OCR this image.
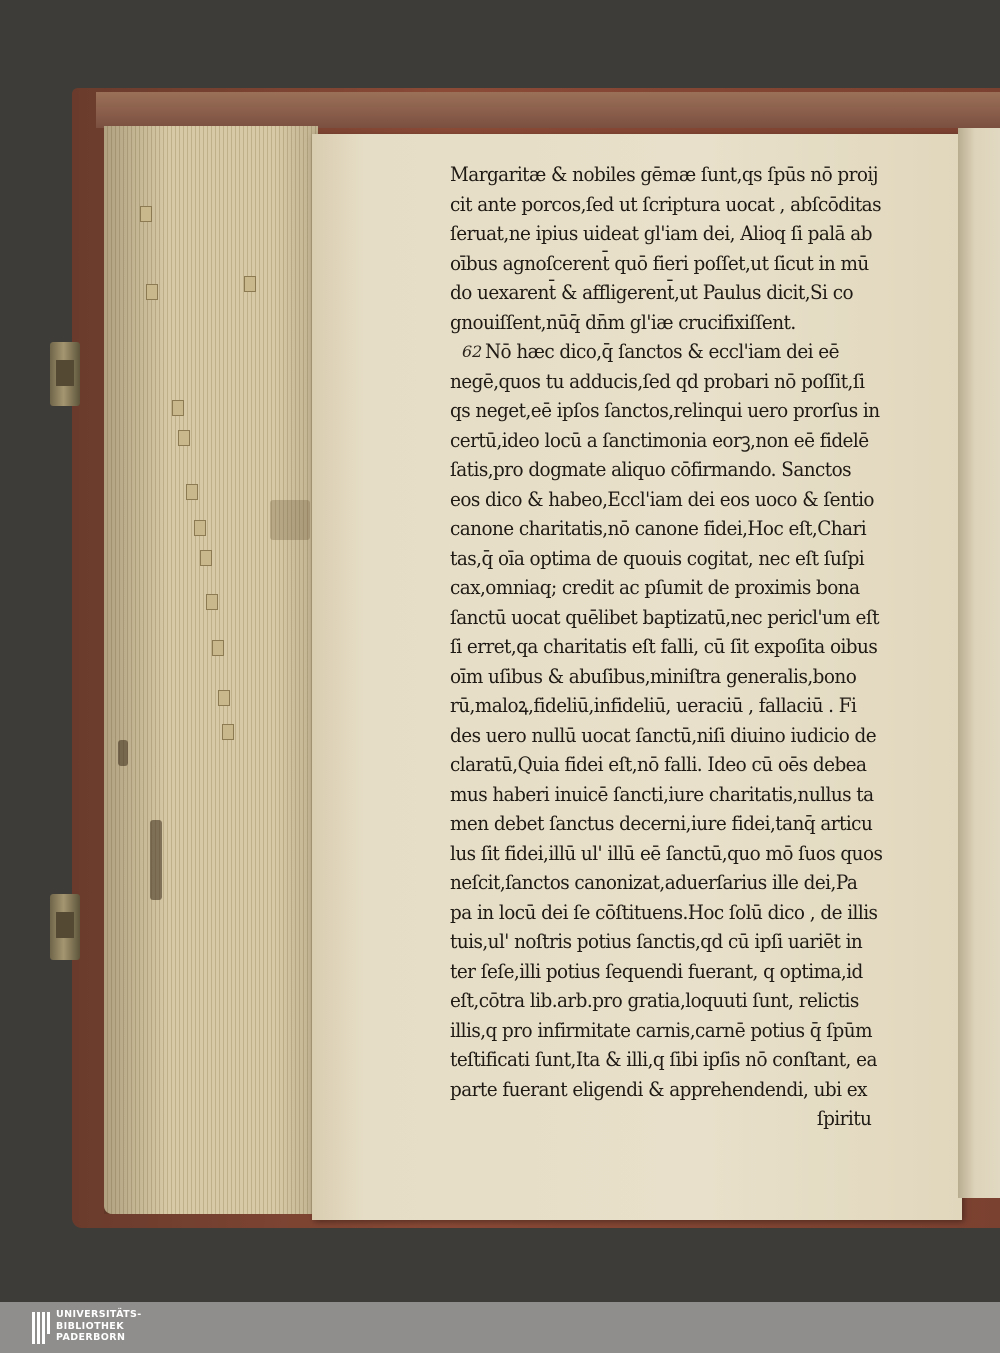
62
Margaritæ & nobiles gēmæ ſunt,qs ſpūs nō proij
cit ante porcos,ſed ut ſcriptura uocat , abſcōditas
ſeruat,ne ipius uideat gl'iam dei, Alioq ſi palā ab
oībus agnoſcerent̄ quō fieri poſſet,ut ſicut in mū
do uexarent̄ & affligerent̄,ut Paulus dicit,Si co
gnouiſſent,nūq̄ dn̄m gl'iæ crucifixiſſent.
Nō hæc dico,q̄ ſanctos & eccl'iam dei eē
negē,quos tu adducis,ſed qd probari nō poſſit,ſi
qs neget,eē ipſos ſanctos,relinqui uero prorſus in
certū,ideo locū a ſanctimonia eorꝫ,non eē fidelē
ſatis,pro dogmate aliquo cōfirmando. Sanctos
eos dico & habeo,Eccl'iam dei eos uoco & ſentio
canone charitatis,nō canone fidei,Hoc eſt,Chari
tas,q̄ oīa optima de quouis cogitat, nec eſt ſuſpi
cax,omniaq; credit ac pſumit de proximis bona
ſanctū uocat quēlibet baptizatū,nec pericl'um eſt
ſi erret,qa charitatis eſt falli, cū ſit expoſita oibus
oīm uſibus & abuſibus,miniſtra generalis,bono
rū,maloꝝ,fideliū,infideliū, ueraciū , fallaciū . Fi
des uero nullū uocat ſanctū,niſi diuino iudicio de
claratū,Quia fidei eſt,nō falli. Ideo cū oēs debea
mus haberi inuicē ſancti,iure charitatis,nullus ta
men debet ſanctus decerni,iure fidei,tanq̄ articu
lus ſit fidei,illū ul' illū eē ſanctū,quo mō ſuos quos
neſcit,ſanctos canonizat,aduerſarius ille dei,Pa
pa in locū dei ſe cōſtituens.Hoc ſolū dico , de illis
tuis,ul' noſtris potius ſanctis,qd cū ipſi uariēt in
ter ſeſe,illi potius ſequendi fuerant, q optima,id
eſt,cōtra lib.arb.pro gratia,loquuti ſunt, relictis
illis,q pro infirmitate carnis,carnē potius q̄ ſpūm
teſtificati ſunt,Ita & illi,q ſibi ipſis nō conſtant, ea
parte fuerant eligendi & apprehendendi, ubi ex
ſpiritu
UNIVERSITÄTS-
BIBLIOTHEK
PADERBORN
